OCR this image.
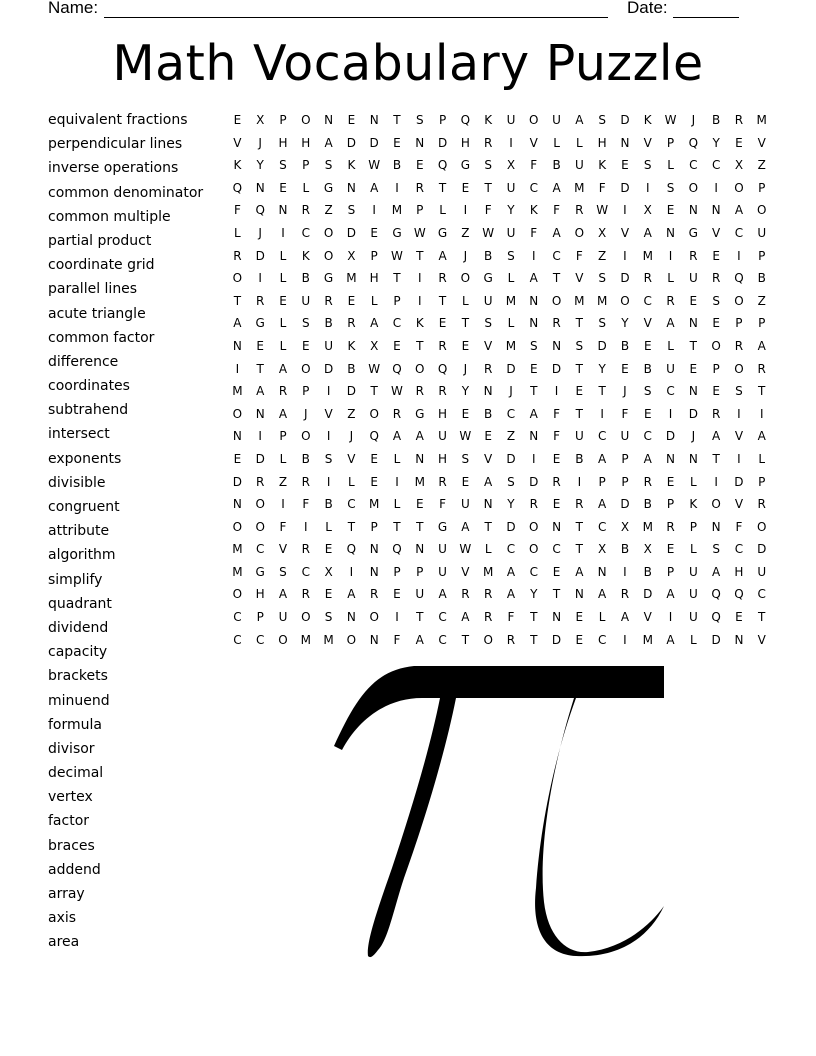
Name:	Date:
Math Vocabulary Puzzle
equivalent fractions
perpendicular lines
inverse operations
common denominator
common multiple
partial product
coordinate grid
parallel lines
acute triangle
common factor
difference
coordinates
subtrahend
intersect
exponents
divisible
congruent
attribute
algorithm
simplify
quadrant
dividend
capacity
brackets
minuend
formula
divisor
decimal
vertex
factor
braces
addend
array
axis
area
E	X	P	O	N	E	N	T	S	P	Q	K	U	O	U	A	S	D	K	W	J	B	R	M
V	J	H	H	A	D	D	E	N	D	H	R	I	V	L	L	H	N	V	P	Q	Y	E	V
K	Y	S	P	S	K	W	B	E	Q	G	S	X	F	B	U	K	E	S	L	C	C	X	Z
Q	N	E	L	G	N	A	I	R	T	E	T	U	C	A	M	F	D	I	S	O	I	O	P
F	Q	N	R	Z	S	I	M	P	L	I	F	Y	K	F	R	W	I	X	E	N	N	A	O
L	J	I	C	O	D	E	G	W	G	Z	W	U	F	A	O	X	V	A	N	G	V	C	U
R	D	L	K	O	X	P	W	T	A	J	B	S	I	C	F	Z	I	M	I	R	E	I	P
O	I	L	B	G	M	H	T	I	R	O	G	L	A	T	V	S	D	R	L	U	R	Q	B
T	R	E	U	R	E	L	P	I	T	L	U	M	N	O	M	M	O	C	R	E	S	O	Z
A	G	L	S	B	R	A	C	K	E	T	S	L	N	R	T	S	Y	V	A	N	E	P	P
N	E	L	E	U	K	X	E	T	R	E	V	M	S	N	S	D	B	E	L	T	O	R	A
I	T	A	O	D	B	W	Q	O	Q	J	R	D	E	D	T	Y	E	B	U	E	P	O	R
M	A	R	P	I	D	T	W	R	R	Y	N	J	T	I	E	T	J	S	C	N	E	S	T
O	N	A	J	V	Z	O	R	G	H	E	B	C	A	F	T	I	F	E	I	D	R	I	I
N	I	P	O	I	J	Q	A	A	U	W	E	Z	N	F	U	C	U	C	D	J	A	V	A
E	D	L	B	S	V	E	L	N	H	S	V	D	I	E	B	A	P	A	N	N	T	I	L
D	R	Z	R	I	L	E	I	M	R	E	A	S	D	R	I	P	P	R	E	L	I	D	P
N	O	I	F	B	C	M	L	E	F	U	N	Y	R	E	R	A	D	B	P	K	O	V	R
O	O	F	I	L	T	P	T	T	G	A	T	D	O	N	T	C	X	M	R	P	N	F	O
M	C	V	R	E	Q	N	Q	N	U	W	L	C	O	C	T	X	B	X	E	L	S	C	D
M	G	S	C	X	I	N	P	P	U	V	M	A	C	E	A	N	I	B	P	U	A	H	U
O	H	A	R	E	A	R	E	U	A	R	R	A	Y	T	N	A	R	D	A	U	Q	Q	C
C	P	U	O	S	N	O	I	T	C	A	R	F	T	N	E	L	A	V	I	U	Q	E	T
C	C	O	M	M	O	N	F	A	C	T	O	R	T	D	E	C	I	M	A	L	D	N	V
